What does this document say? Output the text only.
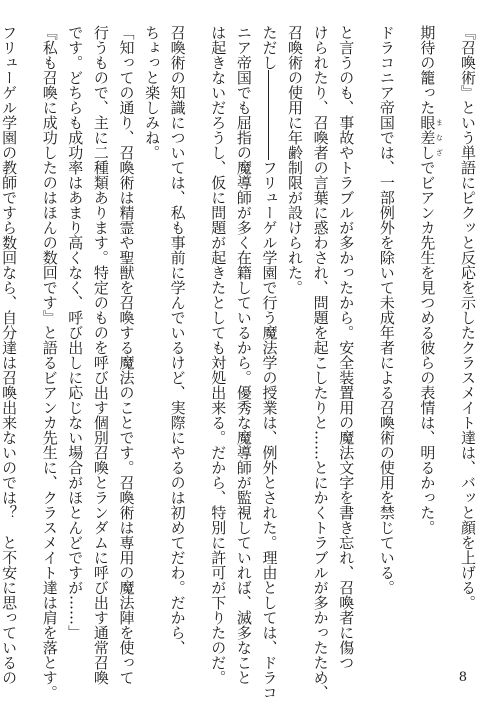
『召喚術』という単語にピクッと反応を示したクラスメイト達は、バッと顔を上げる。
期待の籠った眼差し まなざでビアンカ先生を見つめる彼らの表情は、明るかった。
ドラコニア帝国では、一部例外を除いて未成年者による召喚術の使用を禁じている。
と言うのも、事故やトラブルが多かったから。安全装置用の魔法文字を書き忘れ、召喚者に傷つ
けられたり、召喚者の言葉に惑わされ、問題を起こしたりと……とにかくトラブルが多かったため、
召喚術の使用に年齢制限が設けられた。
ただし――――――フリューゲル学園で行う魔法学の授業は、例外とされた。理由としては、ドラコ
ニア帝国でも屈指の魔導師が多く在籍しているから。優秀な魔導師が監視していれば、滅多なこと
は起きないだろうし、仮に問題が起きたとしても対処出来る。だから、特別に許可が下りたのだ。
召喚術の知識については、私も事前に学んでいるけど、実際にやるのは初めてだわ。だから、
ちょっと楽しみね。
「知っての通り、召喚術は精霊や聖獣を召喚する魔法のことです。召喚術は専用の魔法陣を使って
行うもので、主に二種類あります。特定のものを呼び出す個別召喚とランダムに呼び出す通常召喚
です。どちらも成功率はあまり高くなく、呼び出しに応じない場合がほとんどですが……」
『私も召喚に成功したのはほんの数回です』と語るビアンカ先生に、クラスメイト達は肩を落とす。
フリューゲル学園の教師ですら数回なら、自分達は召喚出来ないのでは？　と不安に思っているの	8
